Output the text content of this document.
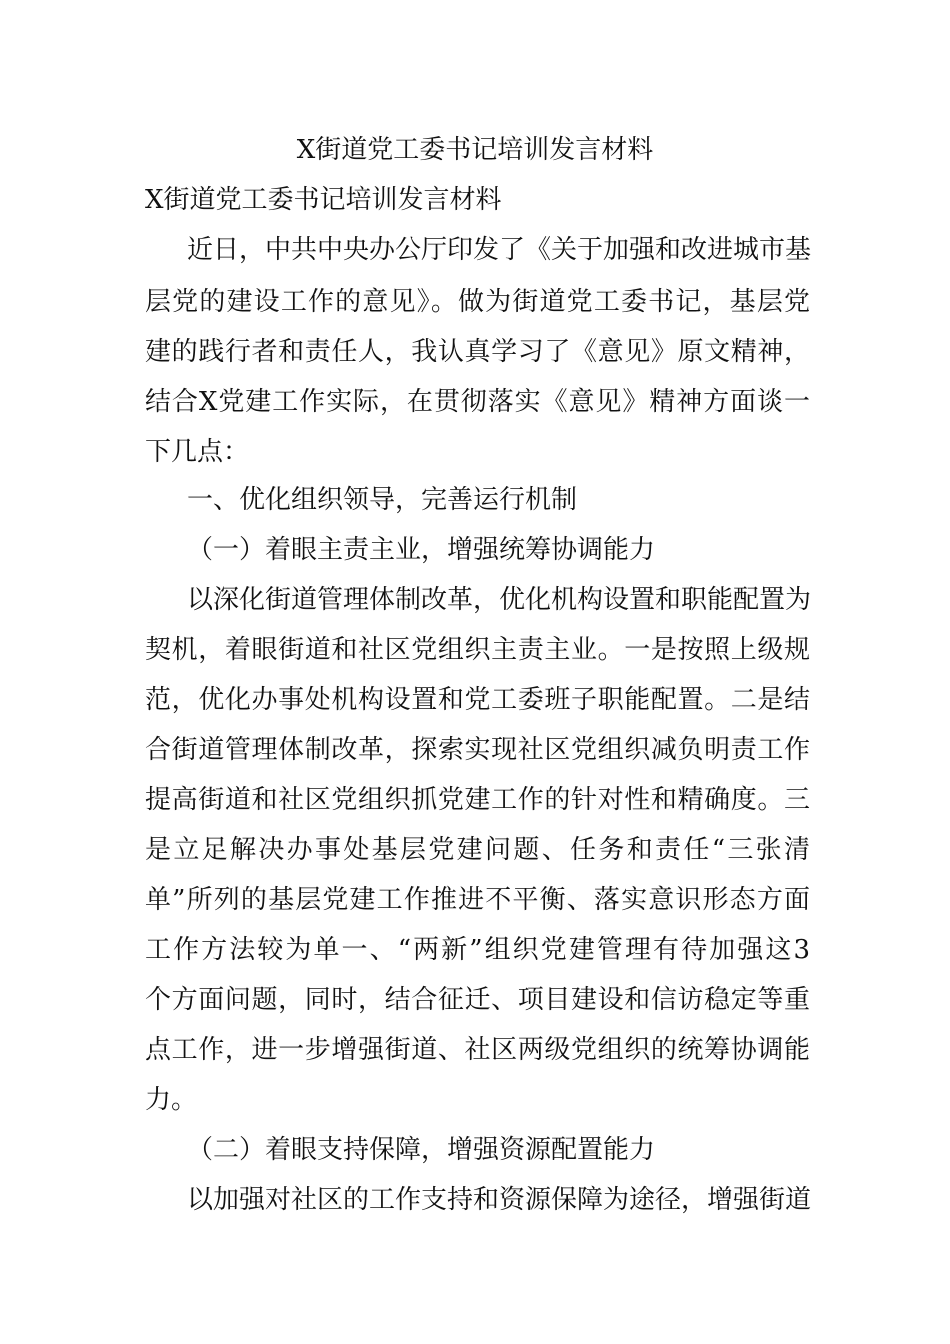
X街道党工委书记培训发言材料
X街道党工委书记培训发言材料
近日，中共中央办公厅印发了《关于加强和改进城市基
层党的建设工作的意见》。做为街道党工委书记，基层党
建的践行者和责任人，我认真学习了《意见》原文精神，
结合X党建工作实际，在贯彻落实《意见》精神方面谈一
下几点：
一、优化组织领导，完善运行机制
（一）着眼主责主业，增强统筹协调能力
以深化街道管理体制改革，优化机构设置和职能配置为
契机，着眼街道和社区党组织主责主业。一是按照上级规
范，优化办事处机构设置和党工委班子职能配置。二是结
合街道管理体制改革，探索实现社区党组织减负明责工作
提高街道和社区党组织抓党建工作的针对性和精确度。三
是立足解决办事处基层党建问题、任务和责任“三张清
单”所列的基层党建工作推进不平衡、落实意识形态方面
工作方法较为单一、“两新”组织党建管理有待加强这3
个方面问题，同时，结合征迁、项目建设和信访稳定等重
点工作，进一步增强街道、社区两级党组织的统筹协调能
力。
（二）着眼支持保障，增强资源配置能力
以加强对社区的工作支持和资源保障为途径，增强街道
